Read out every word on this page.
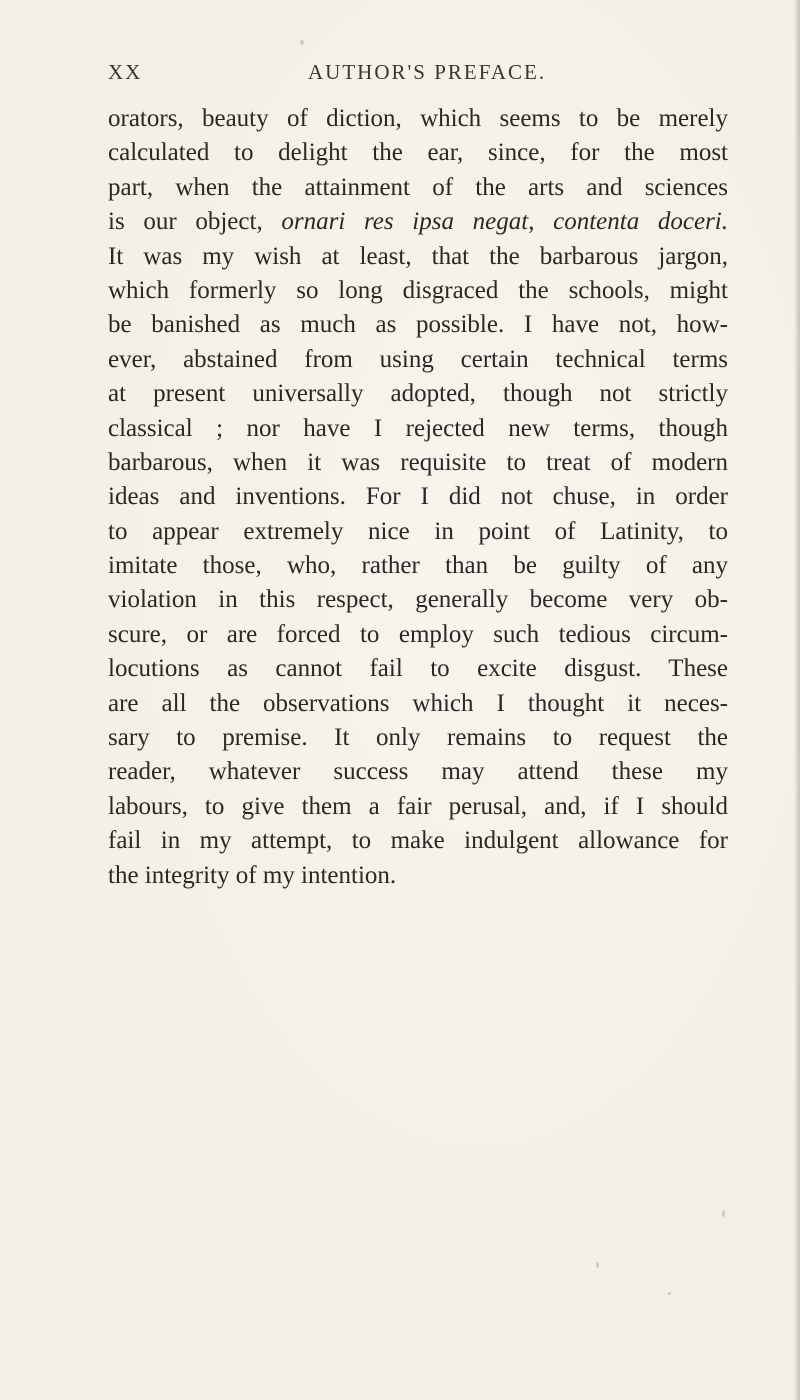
XX	AUTHOR'S PREFACE.
orators, beauty of diction, which seems to be merely
calculated to delight the ear, since, for the most
part, when the attainment of the arts and sciences
is our object, ornari res ipsa negat, contenta doceri.
It was my wish at least, that the barbarous jargon,
which formerly so long disgraced the schools, might
be banished as much as possible. I have not, how-
ever, abstained from using certain technical terms
at present universally adopted, though not strictly
classical ; nor have I rejected new terms, though
barbarous, when it was requisite to treat of modern
ideas and inventions. For I did not chuse, in order
to appear extremely nice in point of Latinity, to
imitate those, who, rather than be guilty of any
violation in this respect, generally become very ob-
scure, or are forced to employ such tedious circum-
locutions as cannot fail to excite disgust. These
are all the observations which I thought it neces-
sary to premise. It only remains to request the
reader, whatever success may attend these my
labours, to give them a fair perusal, and, if I should
fail in my attempt, to make indulgent allowance for
the integrity of my intention.
